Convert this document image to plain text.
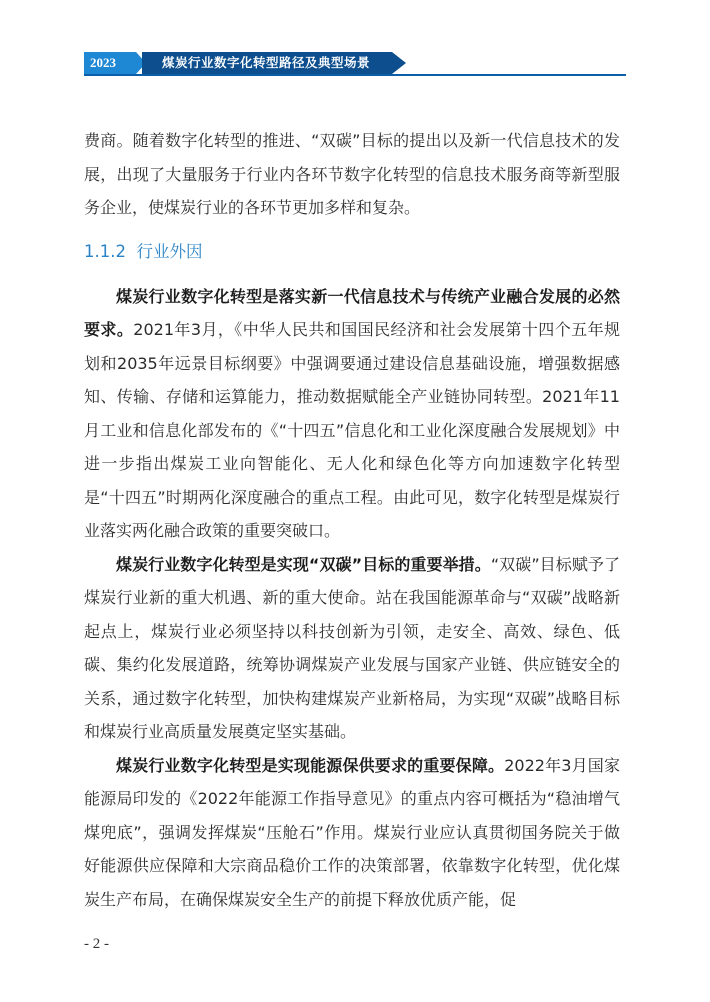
2023	煤炭行业数字化转型路径及典型场景

费商。随着数字化转型的推进、“双碳”目标的提出以及新一代信息技术的发展，出现了大量服务于行业内各环节数字化转型的信息技术服务商等新型服务企业，使煤炭行业的各环节更加多样和复杂。

1.1.2 行业外因

煤炭行业数字化转型是落实新一代信息技术与传统产业融合发展的必然要求。2021年3月，《中华人民共和国国民经济和社会发展第十四个五年规划和2035年远景目标纲要》中强调要通过建设信息基础设施，增强数据感知、传输、存储和运算能力，推动数据赋能全产业链协同转型。2021年11月工业和信息化部发布的《“十四五”信息化和工业化深度融合发展规划》中进一步指出煤炭工业向智能化、无人化和绿色化等方向加速数字化转型是“十四五”时期两化深度融合的重点工程。由此可见，数字化转型是煤炭行业落实两化融合政策的重要突破口。

煤炭行业数字化转型是实现“双碳”目标的重要举措。“双碳”目标赋予了煤炭行业新的重大机遇、新的重大使命。站在我国能源革命与“双碳”战略新起点上，煤炭行业必须坚持以科技创新为引领，走安全、高效、绿色、低碳、集约化发展道路，统筹协调煤炭产业发展与国家产业链、供应链安全的关系，通过数字化转型，加快构建煤炭产业新格局，为实现“双碳”战略目标和煤炭行业高质量发展奠定坚实基础。

煤炭行业数字化转型是实现能源保供要求的重要保障。2022年3月国家能源局印发的《2022年能源工作指导意见》的重点内容可概括为“稳油增气煤兜底”，强调发挥煤炭“压舱石”作用。煤炭行业应认真贯彻国务院关于做好能源供应保障和大宗商品稳价工作的决策部署，依靠数字化转型，优化煤炭生产布局，在确保煤炭安全生产的前提下释放优质产能，促

- 2 -
